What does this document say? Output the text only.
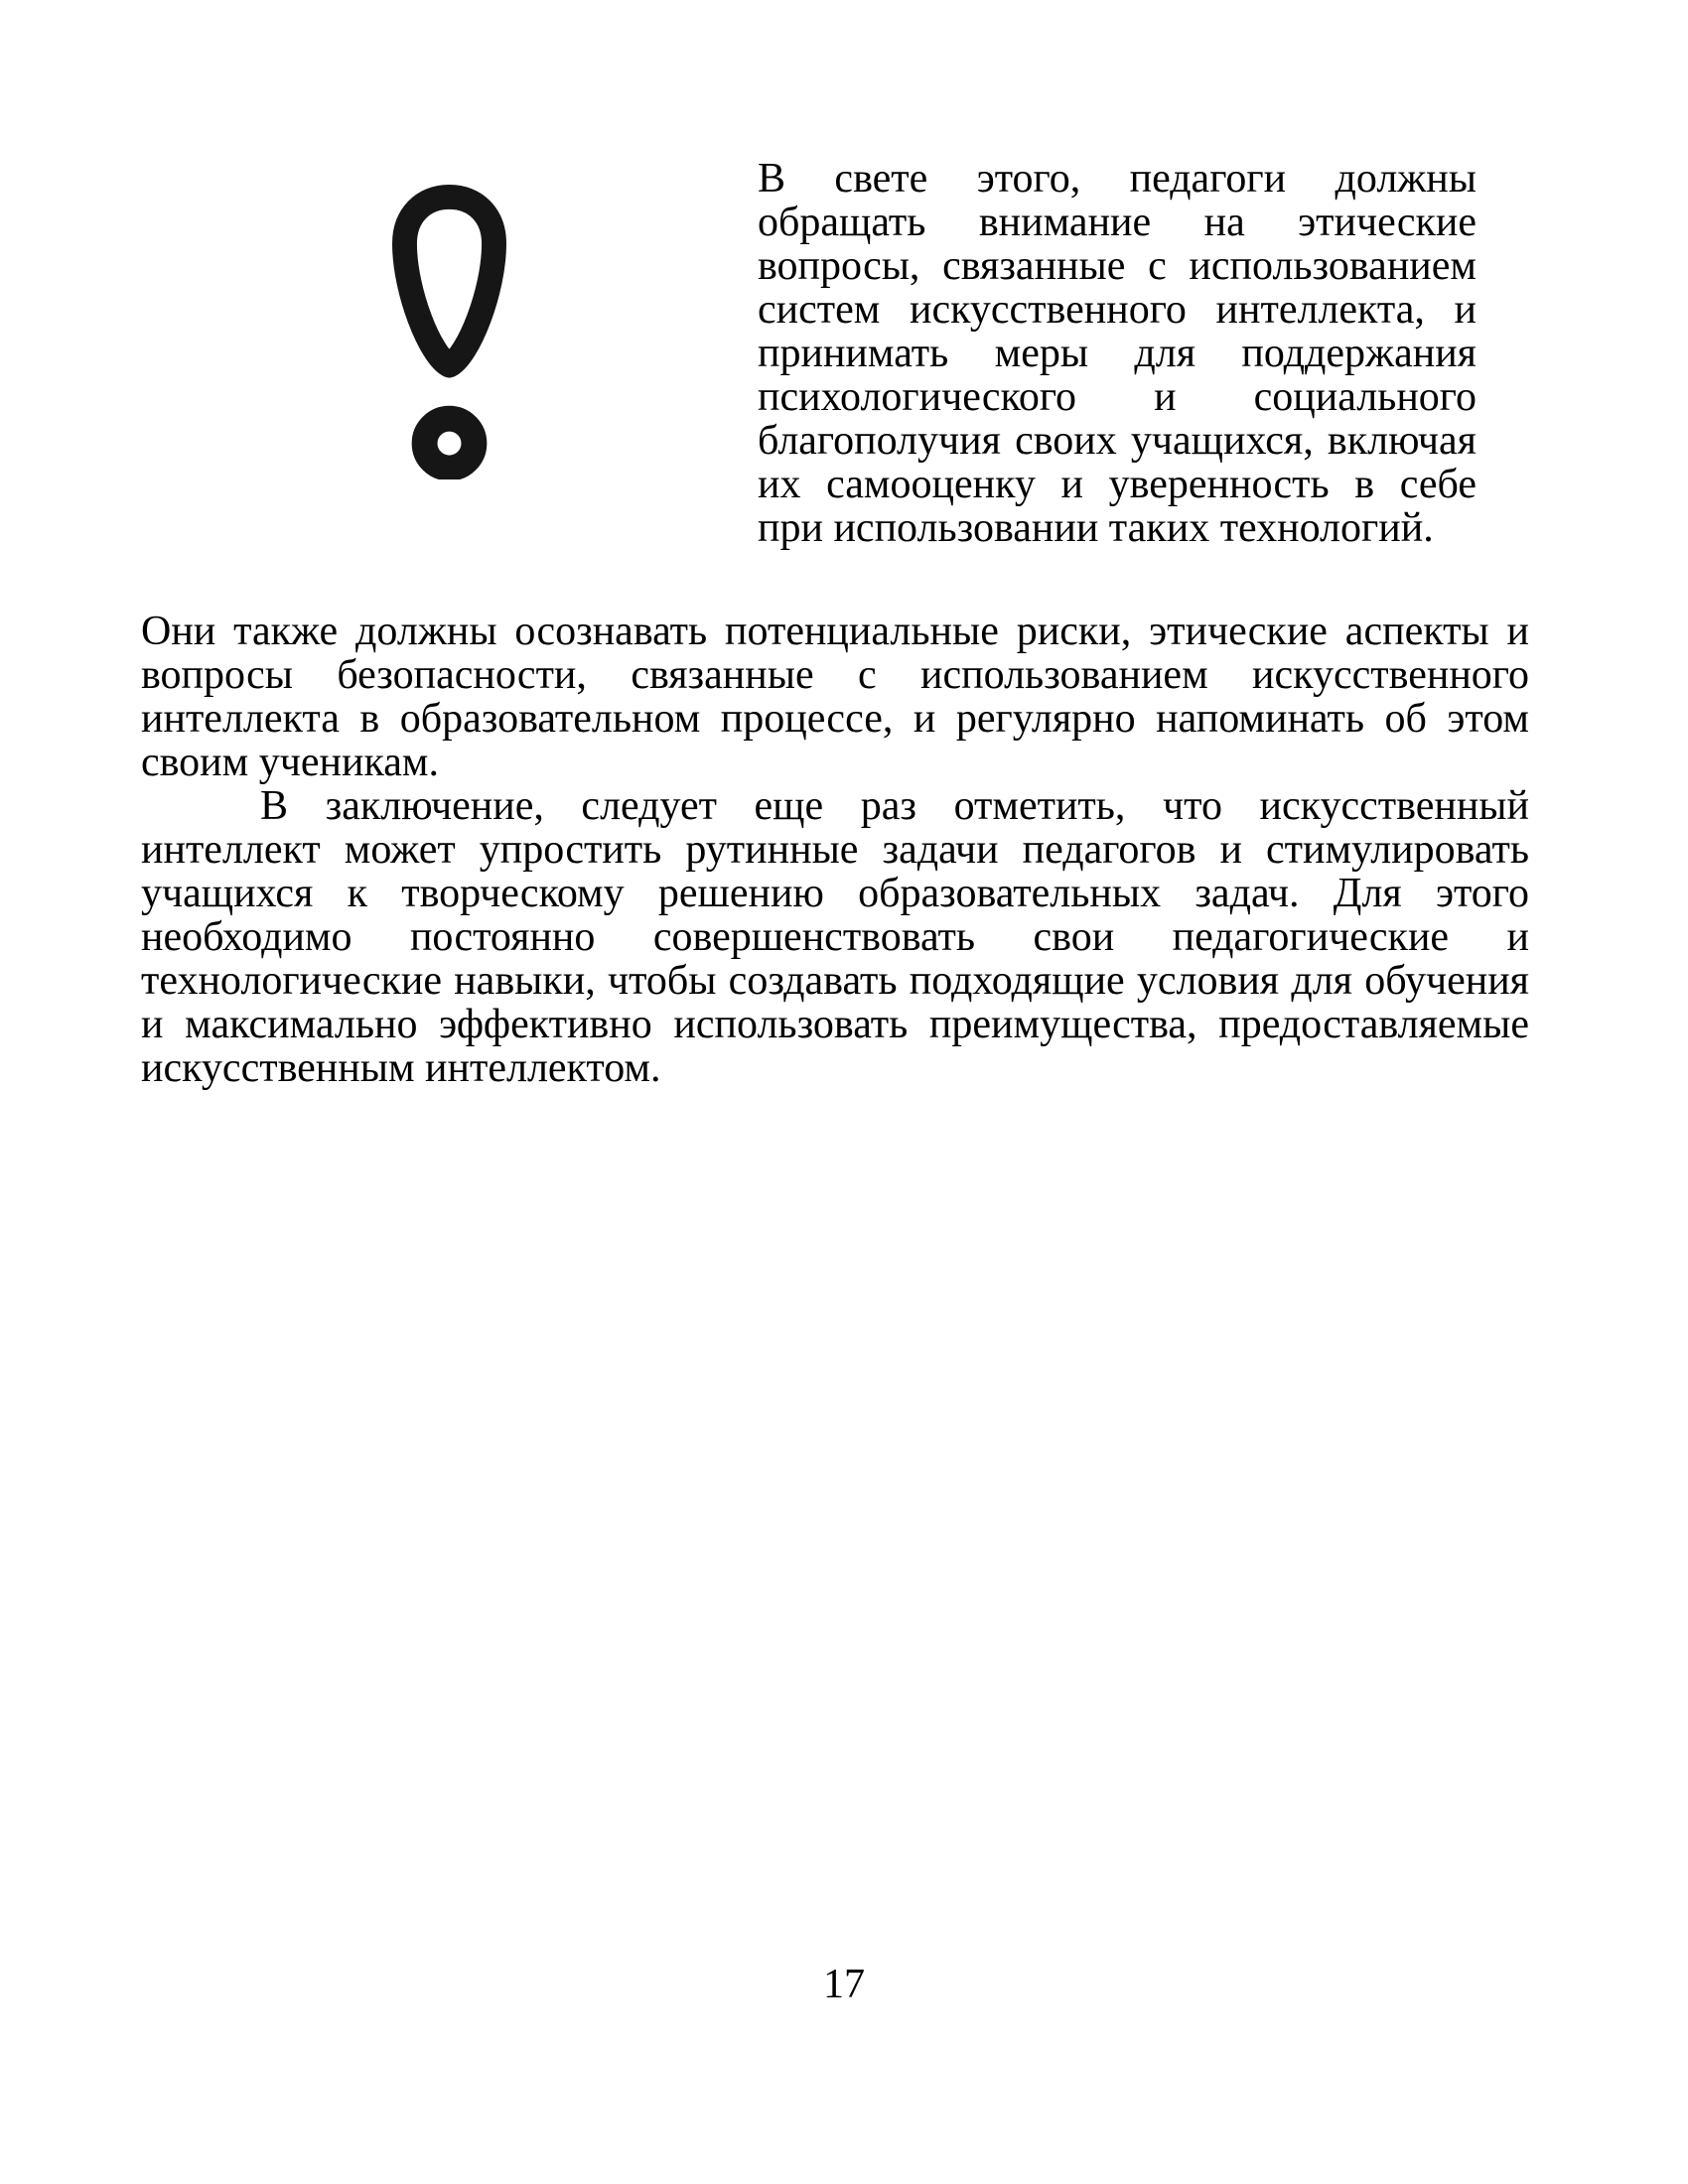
В свете этого, педагоги должны обращать внимание на этические вопросы, связанные с использованием систем искусственного интеллекта, и принимать меры для поддержания психологического и социального благополучия своих учащихся, включая их самооценку и уверенность в себе при использовании таких технологий.

Они также должны осознавать потенциальные риски, этические аспекты и вопросы безопасности, связанные с использованием искусственного интеллекта в образовательном процессе, и регулярно напоминать об этом своим ученикам.

В заключение, следует еще раз отметить, что искусственный интеллект может упростить рутинные задачи педагогов и стимулировать учащихся к творческому решению образовательных задач. Для этого необходимо постоянно совершенствовать свои педагогические и технологические навыки, чтобы создавать подходящие условия для обучения и максимально эффективно использовать преимущества, предоставляемые искусственным интеллектом.

17
